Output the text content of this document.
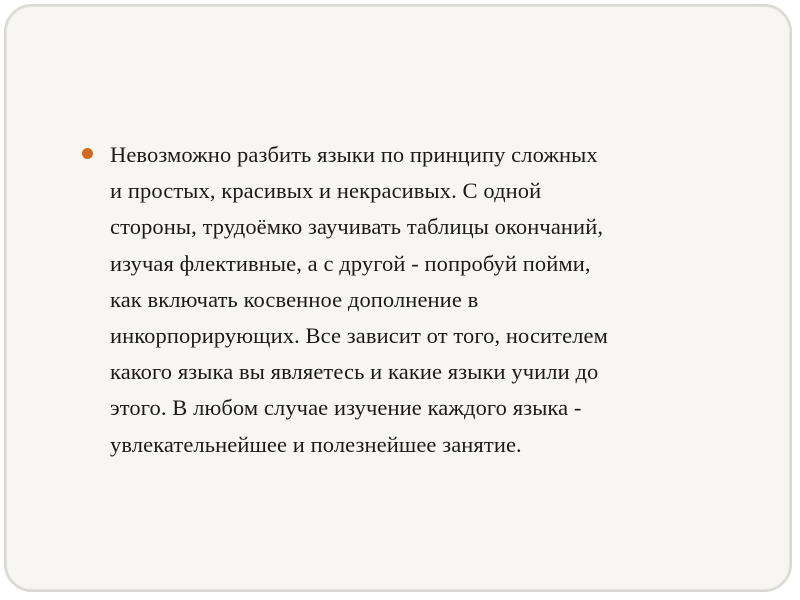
Невозможно разбить языки по принципу сложных
и простых, красивых и некрасивых. С одной
стороны, трудоёмко заучивать таблицы окончаний,
изучая флективные, а с другой - попробуй пойми,
как включать косвенное дополнение в
инкорпорирующих. Все зависит от того, носителем
какого языка вы являетесь и какие языки учили до
этого. В любом случае изучение каждого языка -
увлекательнейшее и полезнейшее занятие.
